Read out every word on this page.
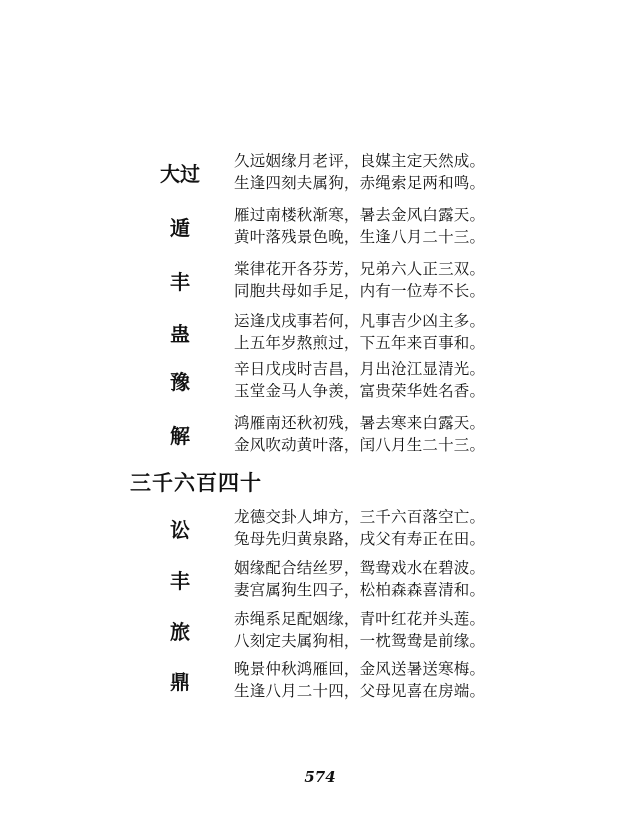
大过
久远姻缘月老评，良媒主定天然成。
生逢四刻夫属狗，赤绳索足两和鸣。
遁
雁过南楼秋渐寒，暑去金风白露天。
黄叶落残景色晚，生逢八月二十三。
丰
棠律花开各芬芳，兄弟六人正三双。
同胞共母如手足，内有一位寿不长。
蛊
运逢戊戌事若何，凡事吉少凶主多。
上五年岁熬煎过，下五年来百事和。
豫
辛日戊戌时吉昌，月出沧江显清光。
玉堂金马人争羡，富贵荣华姓名香。
解
鸿雁南还秋初残，暑去寒来白露天。
金风吹动黄叶落，闰八月生二十三。
三千六百四十
讼
龙德交卦人坤方，三千六百落空亡。
兔母先归黄泉路，戌父有寿正在田。
丰
姻缘配合结丝罗，鸳鸯戏水在碧波。
妻宫属狗生四子，松柏森森喜清和。
旅
赤绳系足配姻缘，青叶红花并头莲。
八刻定夫属狗相，一枕鸳鸯是前缘。
鼎
晚景仲秋鸿雁回，金风送暑送寒梅。
生逢八月二十四，父母见喜在房端。
574
